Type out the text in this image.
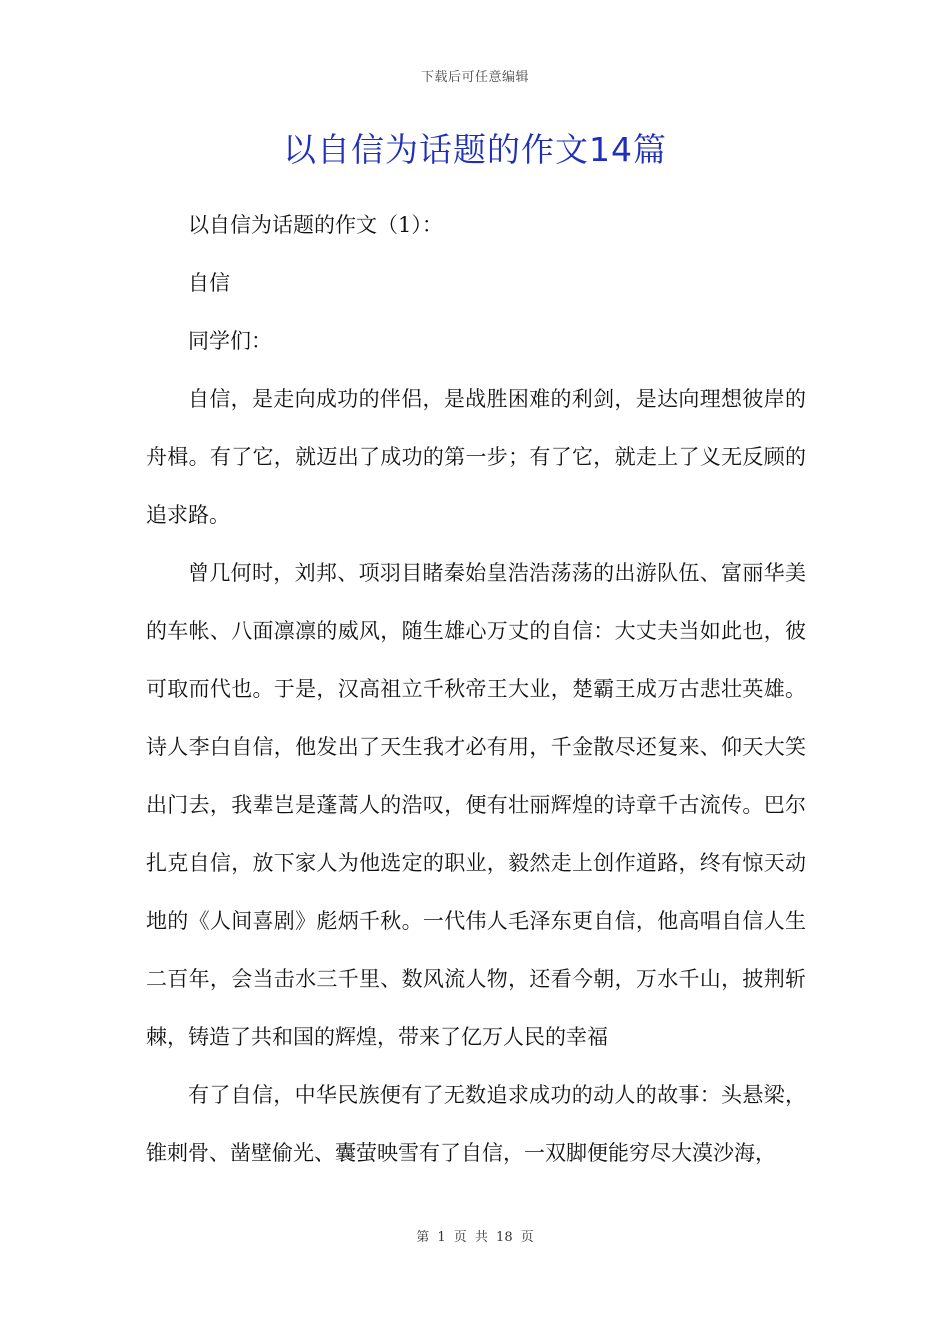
下载后可任意编辑
以自信为话题的作文14篇

以自信为话题的作文（1）：

自信

同学们：

自信，是走向成功的伴侣，是战胜困难的利剑，是达向理想彼岸的舟楫。有了它，就迈出了成功的第一步；有了它，就走上了义无反顾的追求路。

曾几何时，刘邦、项羽目睹秦始皇浩浩荡荡的出游队伍、富丽华美的车帐、八面凛凛的威风，随生雄心万丈的自信：大丈夫当如此也，彼可取而代也。于是，汉高祖立千秋帝王大业，楚霸王成万古悲壮英雄。诗人李白自信，他发出了天生我才必有用，千金散尽还复来、仰天大笑出门去，我辈岂是蓬蒿人的浩叹，便有壮丽辉煌的诗章千古流传。巴尔扎克自信，放下家人为他选定的职业，毅然走上创作道路，终有惊天动地的《人间喜剧》彪炳千秋。一代伟人毛泽东更自信，他高唱自信人生二百年，会当击水三千里、数风流人物，还看今朝，万水千山，披荆斩棘，铸造了共和国的辉煌，带来了亿万人民的幸福

有了自信，中华民族便有了无数追求成功的动人的故事：头悬梁，锥刺骨、凿壁偷光、囊萤映雪有了自信，一双脚便能穷尽大漠沙海，

第 1 页 共 18 页
